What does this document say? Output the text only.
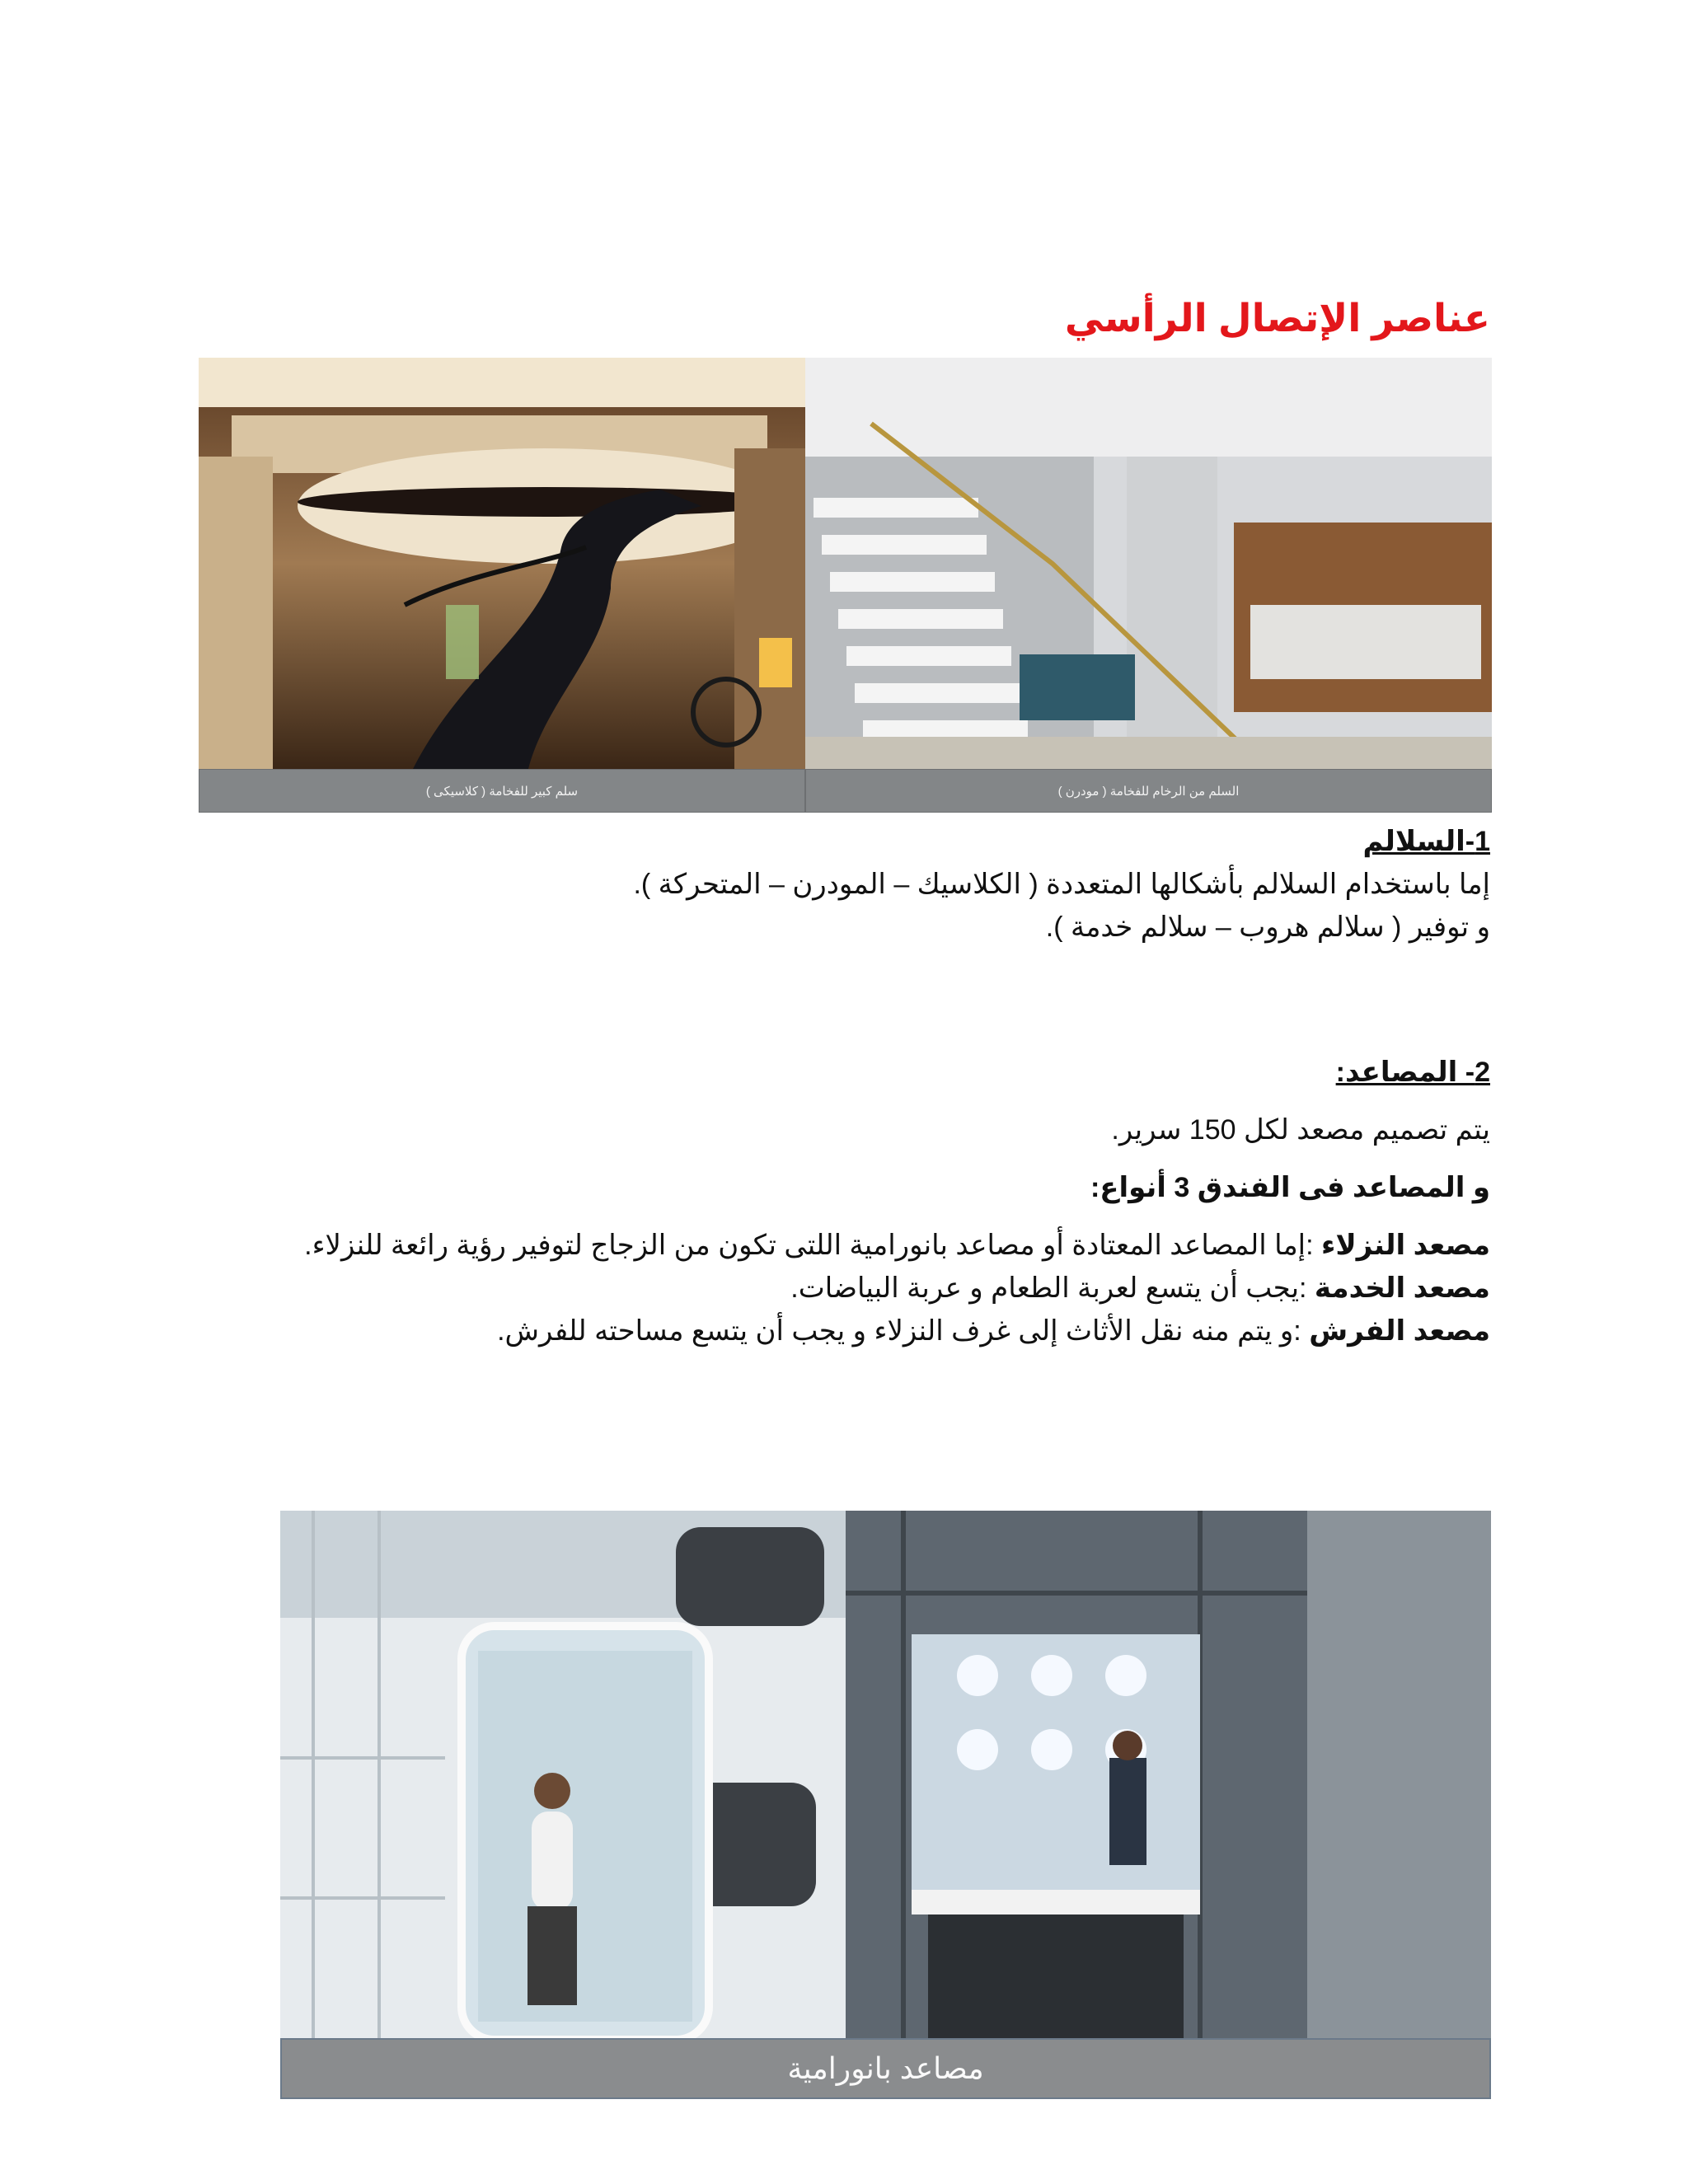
عناصر الإتصال الرأسي
سلم كبير للفخامة ( كلاسيكى )	السلم من الرخام للفخامة ( مودرن )
1-السلالم
إما باستخدام السلالم بأشكالها المتعددة ( الكلاسيك – المودرن – المتحركة ).
و توفير ( سلالم هروب – سلالم خدمة ).
2- المصاعد:
يتم تصميم مصعد لكل 150 سرير.
و المصاعد فى الفندق 3 أنواع:
مصعد النزلاء :إما المصاعد المعتادة أو مصاعد بانورامية اللتى تكون من الزجاج لتوفير رؤية رائعة للنزلاء.
مصعد الخدمة :يجب أن يتسع لعربة الطعام و عربة البياضات.
مصعد الفرش :و يتم منه نقل الأثاث إلى غرف النزلاء و يجب أن يتسع مساحته للفرش.
مصاعد بانورامية
